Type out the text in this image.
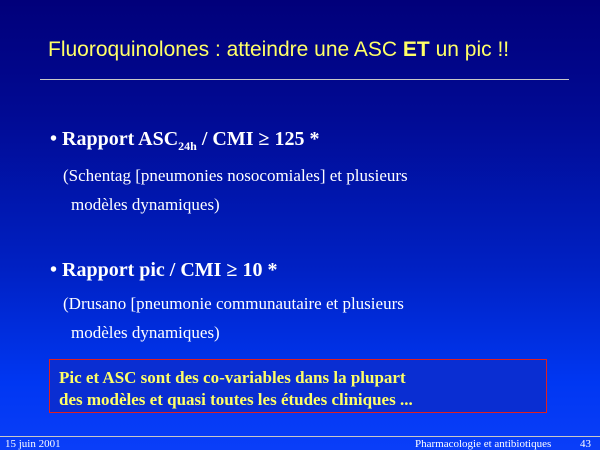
Fluoroquinolones : atteindre une ASC ET un pic !!
• Rapport $ASC_{24h}$ / CMI ≥ 125 *
(Schentag [pneumonies nosocomiales] et plusieurs
modèles dynamiques)
• Rapport pic / CMI ≥ 10 *
(Drusano [pneumonie communautaire et plusieurs
modèles dynamiques)
Pic et ASC sont des co-variables dans la plupart
des modèles et quasi toutes les études cliniques ...
15 juin 2001	Pharmacologie et antibiotiques	43
